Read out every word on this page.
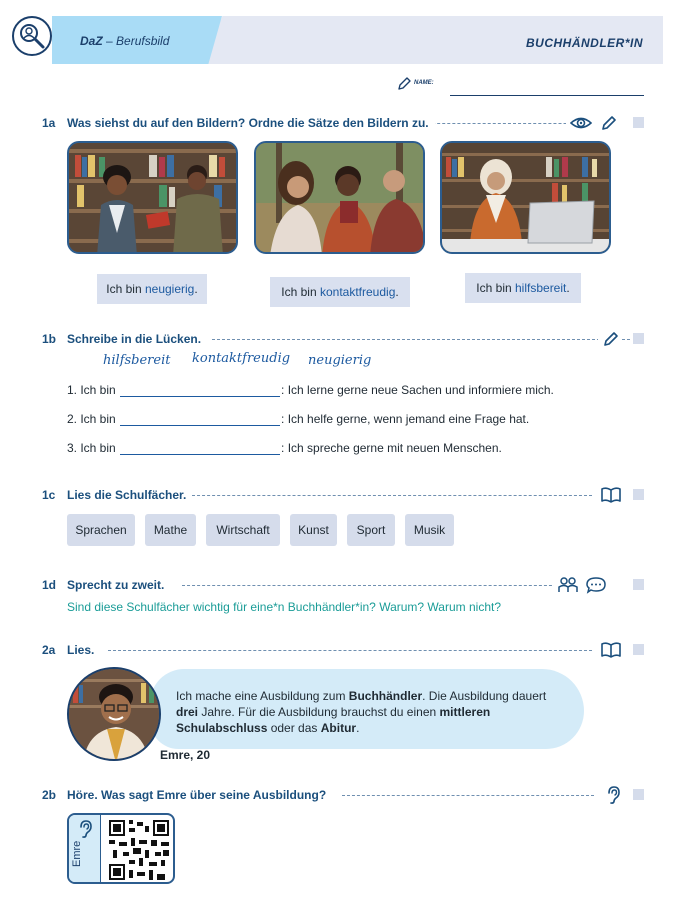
DaZ – Berufsbild	BUCHHÄNDLER*IN
NAME:
1a Was siehst du auf den Bildern? Ordne die Sätze den Bildern zu.
Ich bin
neugierig .	Ich bin
kontaktfreudig .	Ich bin
hilfsbereit .
1b Schreibe in die Lücken.
hilfsbereit kontaktfreudig neugierig
1. Ich bin	: Ich lerne gerne neue Sachen und informiere mich.
2. Ich bin	: Ich helfe gerne, wenn jemand eine Frage hat.
3. Ich bin	: Ich spreche gerne mit neuen Menschen.
1c Lies die Schulfächer.
Sprachen	Mathe	Wirtschaft	Kunst	Sport	Musik
1d Sprecht zu zweit.
Sind diese Schulfächer wichtig für eine*n Buchhändler*in? Warum? Warum nicht?
2a Lies.
Ich mache eine Ausbildung zum Buchhändler. Die Ausbildung dauert drei Jahre. Für die Ausbildung brauchst du einen mittleren Schulabschluss oder das Abitur.
Emre, 20
2b Höre. Was sagt Emre über seine Ausbildung?
Emre
